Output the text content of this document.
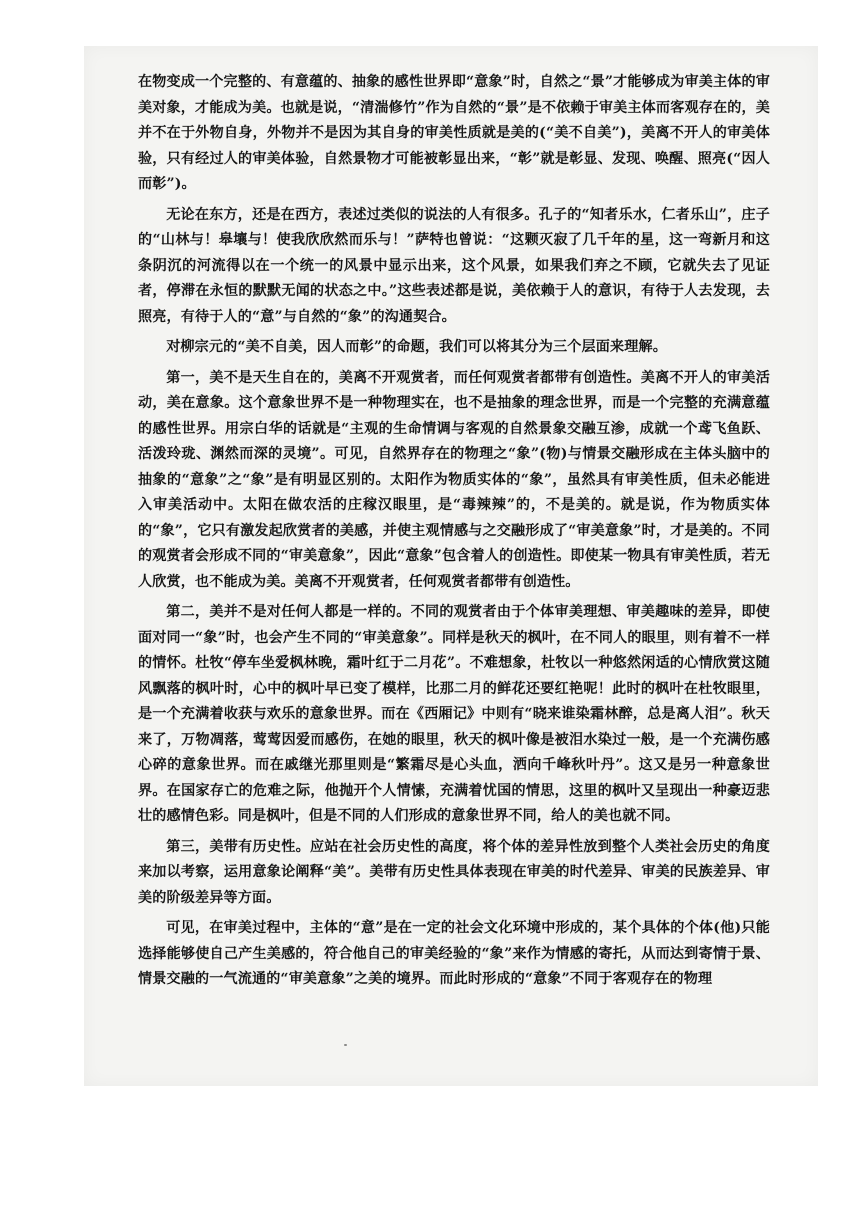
在物变成一个完整的、有意蕴的、抽象的感性世界即“意象”时，自然之“景”才能够成为审美主体的审美对象，才能成为美。也就是说，“清湍修竹”作为自然的“景”是不依赖于审美主体而客观存在的，美并不在于外物自身，外物并不是因为其自身的审美性质就是美的(“美不自美”)，美离不开人的审美体验，只有经过人的审美体验，自然景物才可能被彰显出来，“彰”就是彰显、发现、唤醒、照亮(“因人而彰”)。

无论在东方，还是在西方，表述过类似的说法的人有很多。孔子的“知者乐水，仁者乐山”，庄子的“山林与！皋壤与！使我欣欣然而乐与！”萨特也曾说：“这颗灭寂了几千年的星，这一弯新月和这条阴沉的河流得以在一个统一的风景中显示出来，这个风景，如果我们弃之不顾，它就失去了见证者，停滞在永恒的默默无闻的状态之中。”这些表述都是说，美依赖于人的意识，有待于人去发现，去照亮，有待于人的“意”与自然的“象”的沟通契合。

对柳宗元的“美不自美，因人而彰”的命题，我们可以将其分为三个层面来理解。

第一，美不是天生自在的，美离不开观赏者，而任何观赏者都带有创造性。美离不开人的审美活动，美在意象。这个意象世界不是一种物理实在，也不是抽象的理念世界，而是一个完整的充满意蕴的感性世界。用宗白华的话就是“主观的生命情调与客观的自然景象交融互渗，成就一个鸢飞鱼跃、活泼玲珑、渊然而深的灵境”。可见，自然界存在的物理之“象”(物)与情景交融形成在主体头脑中的抽象的“意象”之“象”是有明显区别的。太阳作为物质实体的“象”，虽然具有审美性质，但未必能进入审美活动中。太阳在做农活的庄稼汉眼里，是“毒辣辣”的，不是美的。就是说，作为物质实体的“象”，它只有激发起欣赏者的美感，并使主观情感与之交融形成了“审美意象”时，才是美的。不同的观赏者会形成不同的“审美意象”，因此“意象”包含着人的创造性。即使某一物具有审美性质，若无人欣赏，也不能成为美。美离不开观赏者，任何观赏者都带有创造性。

第二，美并不是对任何人都是一样的。不同的观赏者由于个体审美理想、审美趣味的差异，即使面对同一“象”时，也会产生不同的“审美意象”。同样是秋天的枫叶，在不同人的眼里，则有着不一样的情怀。杜牧“停车坐爱枫林晚，霜叶红于二月花”。不难想象，杜牧以一种悠然闲适的心情欣赏这随风飘落的枫叶时，心中的枫叶早已变了模样，比那二月的鲜花还要红艳呢！此时的枫叶在杜牧眼里，是一个充满着收获与欢乐的意象世界。而在《西厢记》中则有“晓来谁染霜林醉，总是离人泪”。秋天来了，万物凋落，莺莺因爱而感伤，在她的眼里，秋天的枫叶像是被泪水染过一般，是一个充满伤感心碎的意象世界。而在戚继光那里则是“繁霜尽是心头血，洒向千峰秋叶丹”。这又是另一种意象世界。在国家存亡的危难之际，他抛开个人情愫，充满着忧国的情思，这里的枫叶又呈现出一种豪迈悲壮的感情色彩。同是枫叶，但是不同的人们形成的意象世界不同，给人的美也就不同。

第三，美带有历史性。应站在社会历史性的高度，将个体的差异性放到整个人类社会历史的角度来加以考察，运用意象论阐释“美”。美带有历史性具体表现在审美的时代差异、审美的民族差异、审美的阶级差异等方面。

可见，在审美过程中，主体的“意”是在一定的社会文化环境中形成的，某个具体的个体(他)只能选择能够使自己产生美感的，符合他自己的审美经验的“象”来作为情感的寄托，从而达到寄情于景、情景交融的一气流通的“审美意象”之美的境界。而此时形成的“意象”不同于客观存在的物理
